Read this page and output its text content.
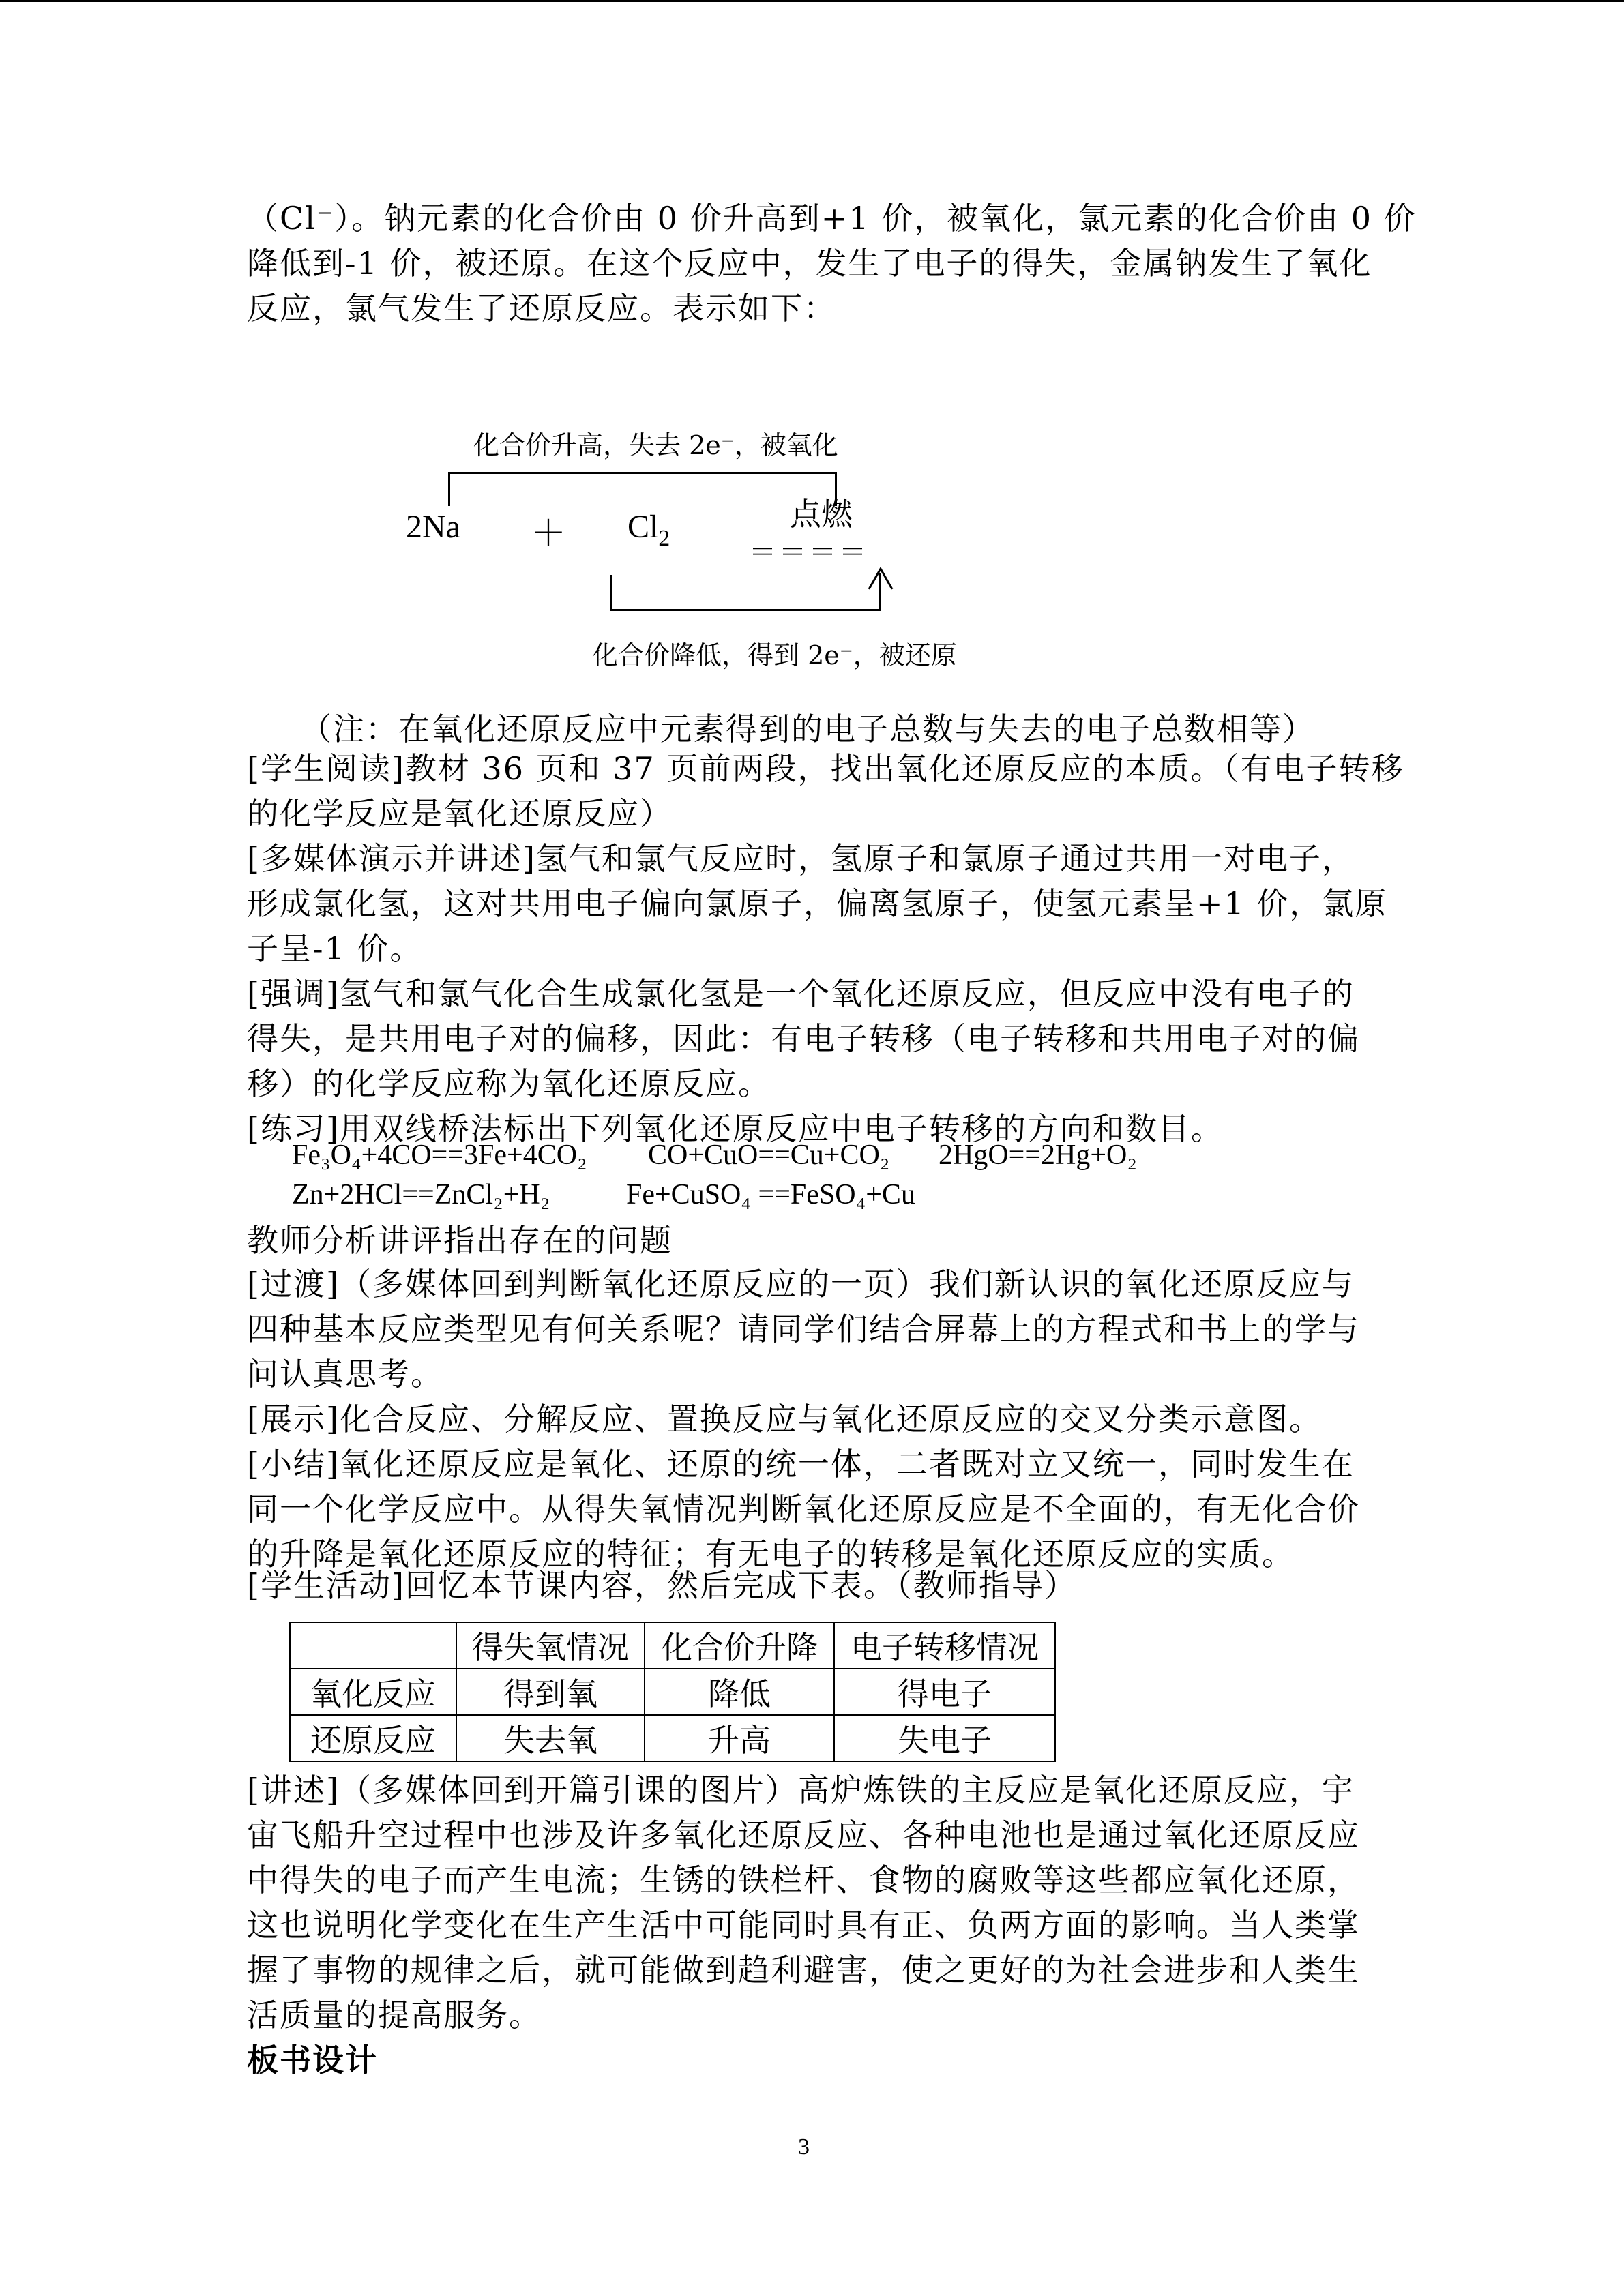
（Cl⁻）。钠元素的化合价由 0 价升高到+1 价，被氧化，氯元素的化合价由 0 价
降低到-1 价，被还原。在这个反应中，发生了电子的得失，金属钠发生了氧化
反应，氯气发生了还原反应。表示如下：
化合价升高，失去 2e⁻，被氧化
$2Na + Cl_2$
点燃
＝＝＝＝
化合价降低，得到 2e⁻，被还原
（注：在氧化还原反应中元素得到的电子总数与失去的电子总数相等）
[学生阅读]教材 36 页和 37 页前两段，找出氧化还原反应的本质。（有电子转移
的化学反应是氧化还原反应）
[多媒体演示并讲述]氢气和氯气反应时，氢原子和氯原子通过共用一对电子，
形成氯化氢，这对共用电子偏向氯原子，偏离氢原子，使氢元素呈+1 价，氯原
子呈-1 价。
[强调]氢气和氯气化合生成氯化氢是一个氧化还原反应，但反应中没有电子的
得失，是共用电子对的偏移，因此：有电子转移（电子转移和共用电子对的偏
移）的化学反应称为氧化还原反应。
[练习]用双线桥法标出下列氧化还原反应中电子转移的方向和数目。
Fe₃O₄+4CO==3Fe+4CO₂ CO+CuO==Cu+CO₂ 2HgO==2Hg+O₂
Zn+2HCl==ZnCl₂+H₂	Fe+CuSO₄ ==FeSO₄+Cu
教师分析讲评指出存在的问题
[过渡]（多媒体回到判断氧化还原反应的一页）我们新认识的氧化还原反应与
四种基本反应类型见有何关系呢？请同学们结合屏幕上的方程式和书上的学与
问认真思考。
[展示]化合反应、分解反应、置换反应与氧化还原反应的交叉分类示意图。
[小结]氧化还原反应是氧化、还原的统一体，二者既对立又统一，同时发生在
同一个化学反应中。从得失氧情况判断氧化还原反应是不全面的，有无化合价
的升降是氧化还原反应的特征；有无电子的转移是氧化还原反应的实质。
[学生活动]回忆本节课内容，然后完成下表。（教师指导）
	得失氧情况	化合价升降	电子转移情况
氧化反应	得到氧	降低	得电子
还原反应	失去氧	升高	失电子
[讲述]（多媒体回到开篇引课的图片）高炉炼铁的主反应是氧化还原反应，宇
宙飞船升空过程中也涉及许多氧化还原反应、各种电池也是通过氧化还原反应
中得失的电子而产生电流；生锈的铁栏杆、食物的腐败等这些都应氧化还原，
这也说明化学变化在生产生活中可能同时具有正、负两方面的影响。当人类掌
握了事物的规律之后，就可能做到趋利避害，使之更好的为社会进步和人类生
活质量的提高服务。
板书设计
3
